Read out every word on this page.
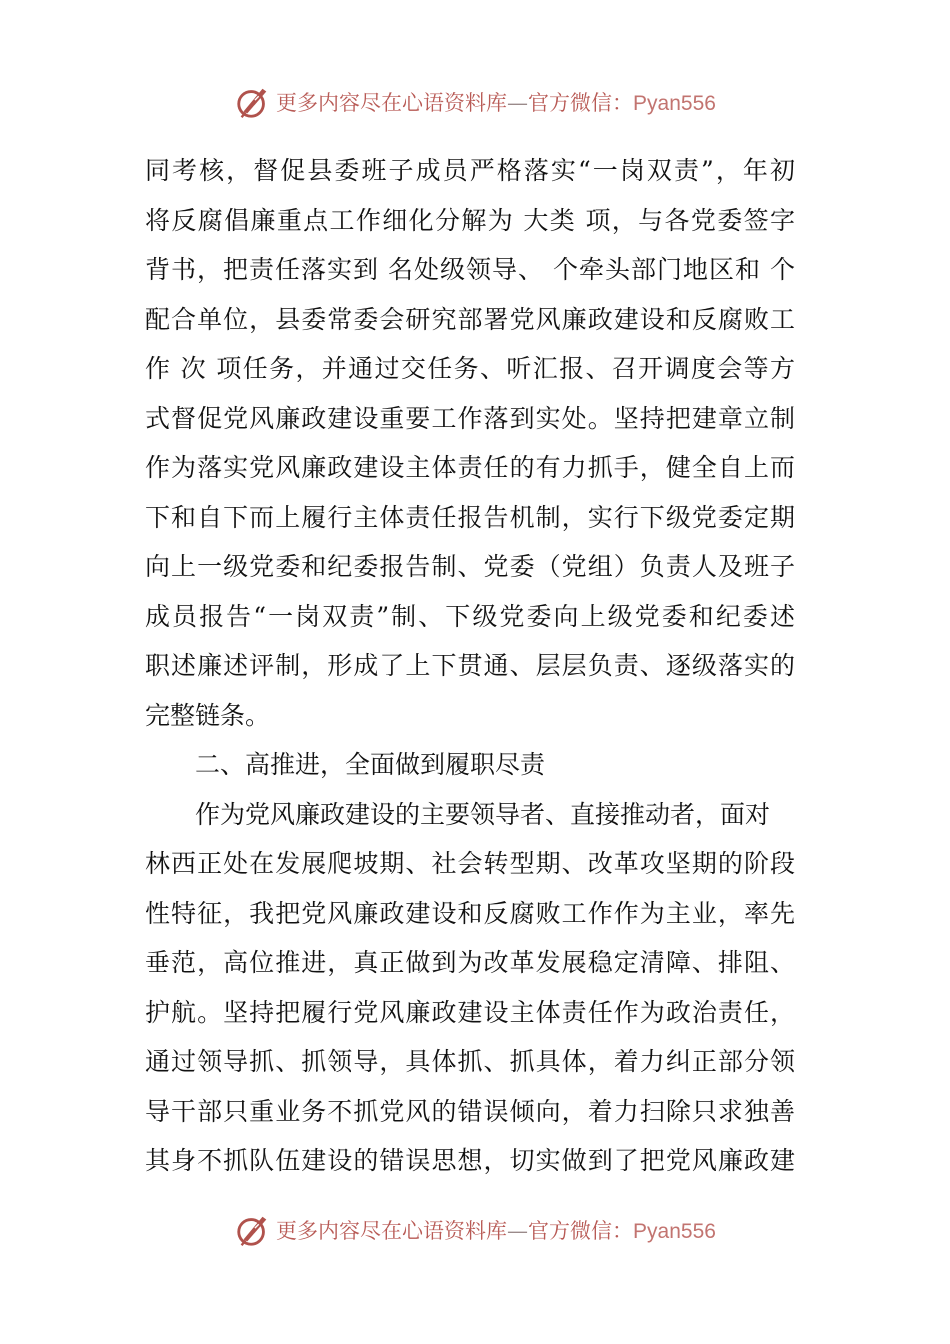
更多内容尽在心语资料库—官方微信：Pyan556
同考核，督促县委班子成员严格落实“一岗双责”，年初
将反腐倡廉重点工作细化分解为 大类 项，与各党委签字
背书，把责任落实到 名处级领导、 个牵头部门地区和 个
配合单位，县委常委会研究部署党风廉政建设和反腐败工
作 次 项任务，并通过交任务、听汇报、召开调度会等方
式督促党风廉政建设重要工作落到实处。坚持把建章立制
作为落实党风廉政建设主体责任的有力抓手，健全自上而
下和自下而上履行主体责任报告机制，实行下级党委定期
向上一级党委和纪委报告制、党委（党组）负责人及班子
成员报告“一岗双责”制、下级党委向上级党委和纪委述
职述廉述评制，形成了上下贯通、层层负责、逐级落实的
完整链条。
二、高推进，全面做到履职尽责
作为党风廉政建设的主要领导者、直接推动者，面对
林西正处在发展爬坡期、社会转型期、改革攻坚期的阶段
性特征，我把党风廉政建设和反腐败工作作为主业，率先
垂范，高位推进，真正做到为改革发展稳定清障、排阻、
护航。坚持把履行党风廉政建设主体责任作为政治责任，
通过领导抓、抓领导，具体抓、抓具体，着力纠正部分领
导干部只重业务不抓党风的错误倾向，着力扫除只求独善
其身不抓队伍建设的错误思想，切实做到了把党风廉政建
更多内容尽在心语资料库—官方微信：Pyan556
